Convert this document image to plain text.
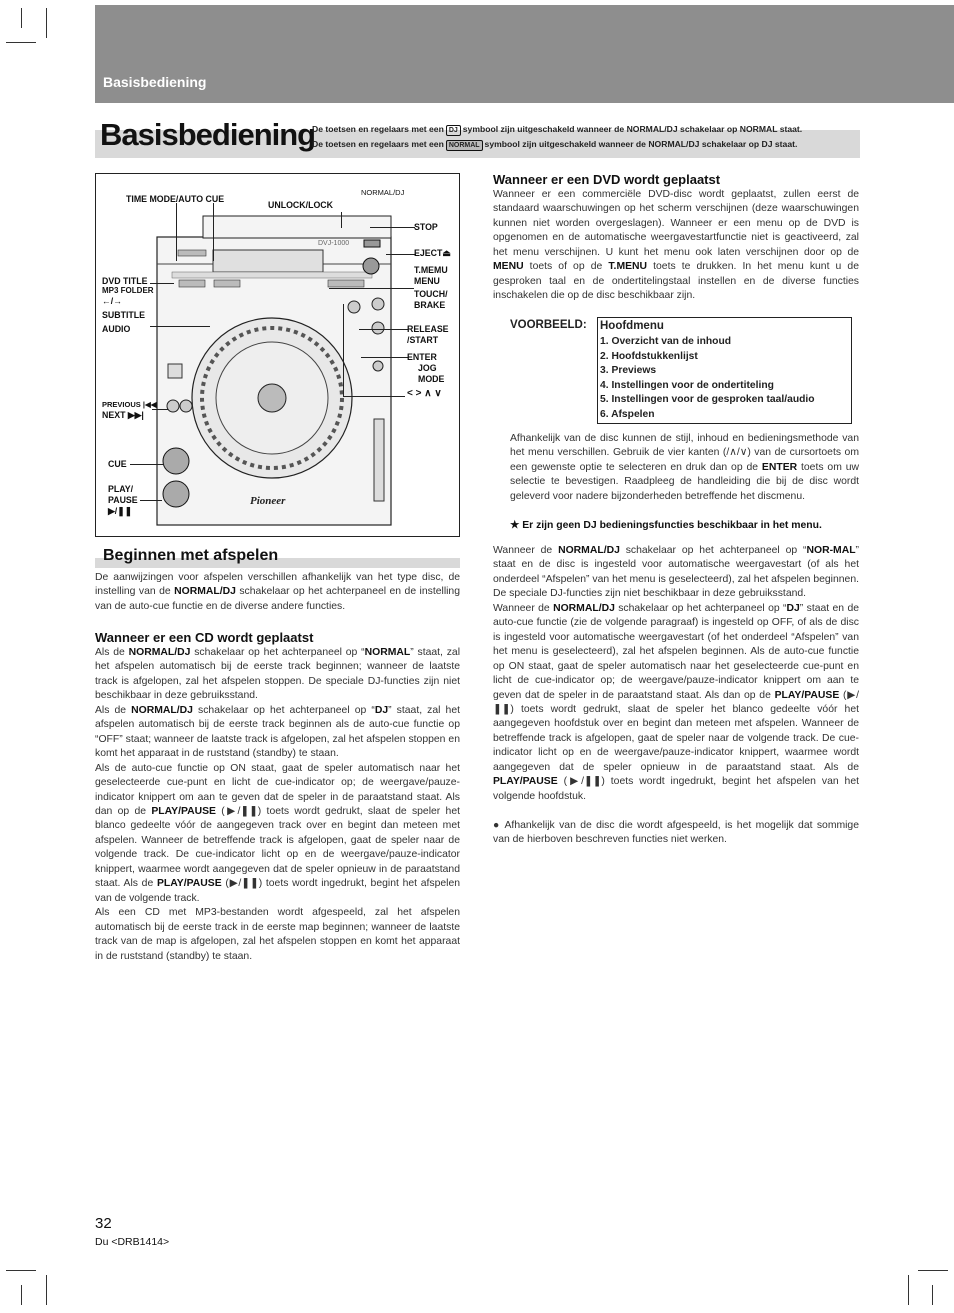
Basisbediening
Basisbediening
De toetsen en regelaars met een DJ symbool zijn uitgeschakeld wanneer de NORMAL/DJ schakelaar op NORMAL staat.
De toetsen en regelaars met een NORMAL symbool zijn uitgeschakeld wanneer de NORMAL/DJ schakelaar op DJ staat.
Pioneer
DVJ-1000
TIME MODE/AUTO CUE
UNLOCK/LOCK
NORMAL/DJ
STOP
EJECT⏏
T.MEMU
MENU
TOUCH/
BRAKE
RELEASE
/START
ENTER
JOG
MODE
< > ∧ ∨
DVD TITLE
MP3 FOLDER
←/→
SUBTITLE
AUDIO
PREVIOUS |◀◀
NEXT ▶▶|
CUE
PLAY/
PAUSE
▶/❚❚
Beginnen met afspelen
De aanwijzingen voor afspelen verschillen afhankelijk van het type disc, de instelling van de NORMAL/DJ schakelaar op het achterpaneel en de instelling van de auto-cue functie en de diverse andere functies.
Wanneer er een CD wordt geplaatst

Als de NORMAL/DJ schakelaar op het achterpaneel op “NORMAL” staat, zal het afspelen automatisch bij de eerste track beginnen; wanneer de laatste track is afgelopen, zal het afspelen stoppen. De speciale DJ-functies zijn niet beschikbaar in deze gebruiksstand.

Als de NORMAL/DJ schakelaar op het achterpaneel op “DJ” staat, zal het afspelen automatisch bij de eerste track beginnen als de auto-cue functie op “OFF” staat; wanneer de laatste track is afgelopen, zal het afspelen stoppen en komt het apparaat in de ruststand (standby) te staan.

Als de auto-cue functie op ON staat, gaat de speler automatisch naar het geselecteerde cue-punt en licht de cue-indicator op; de weergave/pauze-indicator knippert om aan te geven dat de speler in de paraatstand staat. Als dan op de PLAY/PAUSE (▶/❚❚) toets wordt gedrukt, slaat de speler het blanco gedeelte vóór de aangegeven track over en begint dan meteen met afspelen. Wanneer de betreffende track is afgelopen, gaat de speler naar de volgende track. De cue-indicator licht op en de weergave/pauze-indicator knippert, waarmee wordt aangegeven dat de speler opnieuw in de paraatstand staat. Als de PLAY/PAUSE (▶/❚❚) toets wordt ingedrukt, begint het afspelen van de volgende track.

Als een CD met MP3-bestanden wordt afgespeeld, zal het afspelen automatisch bij de eerste track in de eerste map beginnen; wanneer de laatste track van de map is afgelopen, zal het afspelen stoppen en komt het apparaat in de ruststand (standby) te staan.

Wanneer er een DVD wordt geplaatst
Wanneer er een commerciële DVD-disc wordt geplaatst, zullen eerst de standaard waarschuwingen op het scherm verschijnen (deze waarschuwingen kunnen niet worden overgeslagen). Wanneer er een menu op de DVD is opgenomen en de automatische weergavestartfunctie niet is geactiveerd, zal het menu verschijnen. U kunt het menu ook laten verschijnen door op de MENU toets of op de T.MENU toets te drukken. In het menu kunt u de gesproken taal en de ondertitelingstaal instellen en de diverse functies inschakelen die op de disc beschikbaar zijn.
VOORBEELD: Hoofdmenu
1. Overzicht van de inhoud
2. Hoofdstukkenlijst
3. Previews
4. Instellingen voor de ondertiteling
5. Instellingen voor de gesproken taal/audio
6. Afspelen
Afhankelijk van de disc kunnen de stijl, inhoud en bedieningsmethode van het menu verschillen. Gebruik de vier kanten (/∧/∨) van de cursortoets om een gewenste optie te selecteren en druk dan op de ENTER toets om uw selectie te bevestigen. Raadpleeg de handleiding die bij de disc wordt geleverd voor nadere bijzonderheden betreffende het discmenu.
★ Er zijn geen DJ bedieningsfuncties beschikbaar in het menu.

Wanneer de NORMAL/DJ schakelaar op het achterpaneel op “NOR-MAL” staat en de disc is ingesteld voor automatische weergavestart (of als het onderdeel “Afspelen” van het menu is geselecteerd), zal het afspelen beginnen. De speciale DJ-functies zijn niet beschikbaar in deze gebruiksstand.

Wanneer de NORMAL/DJ schakelaar op het achterpaneel op “DJ” staat en de auto-cue functie (zie de volgende paragraaf) is ingesteld op OFF, of als de disc is ingesteld voor automatische weergavestart (of het onderdeel “Afspelen” van het menu is geselecteerd), zal het afspelen beginnen. Als de auto-cue functie op ON staat, gaat de speler automatisch naar het geselecteerde cue-punt en licht de cue-indicator op; de weergave/pauze-indicator knippert om aan te geven dat de speler in de paraatstand staat. Als dan op de PLAY/PAUSE (▶/❚❚) toets wordt gedrukt, slaat de speler het blanco gedeelte vóór het aangegeven hoofdstuk over en begint dan meteen met afspelen. Wanneer de betreffende track is afgelopen, gaat de speler naar de volgende track. De cue-indicator licht op en de weergave/pauze-indicator knippert, waarmee wordt aangegeven dat de speler opnieuw in de paraatstand staat. Als de PLAY/PAUSE (▶/❚❚) toets wordt ingedrukt, begint het afspelen van het volgende hoofdstuk.

● Afhankelijk van de disc die wordt afgespeeld, is het mogelijk dat sommige van de hierboven beschreven functies niet werken.
32
Du <DRB1414>
